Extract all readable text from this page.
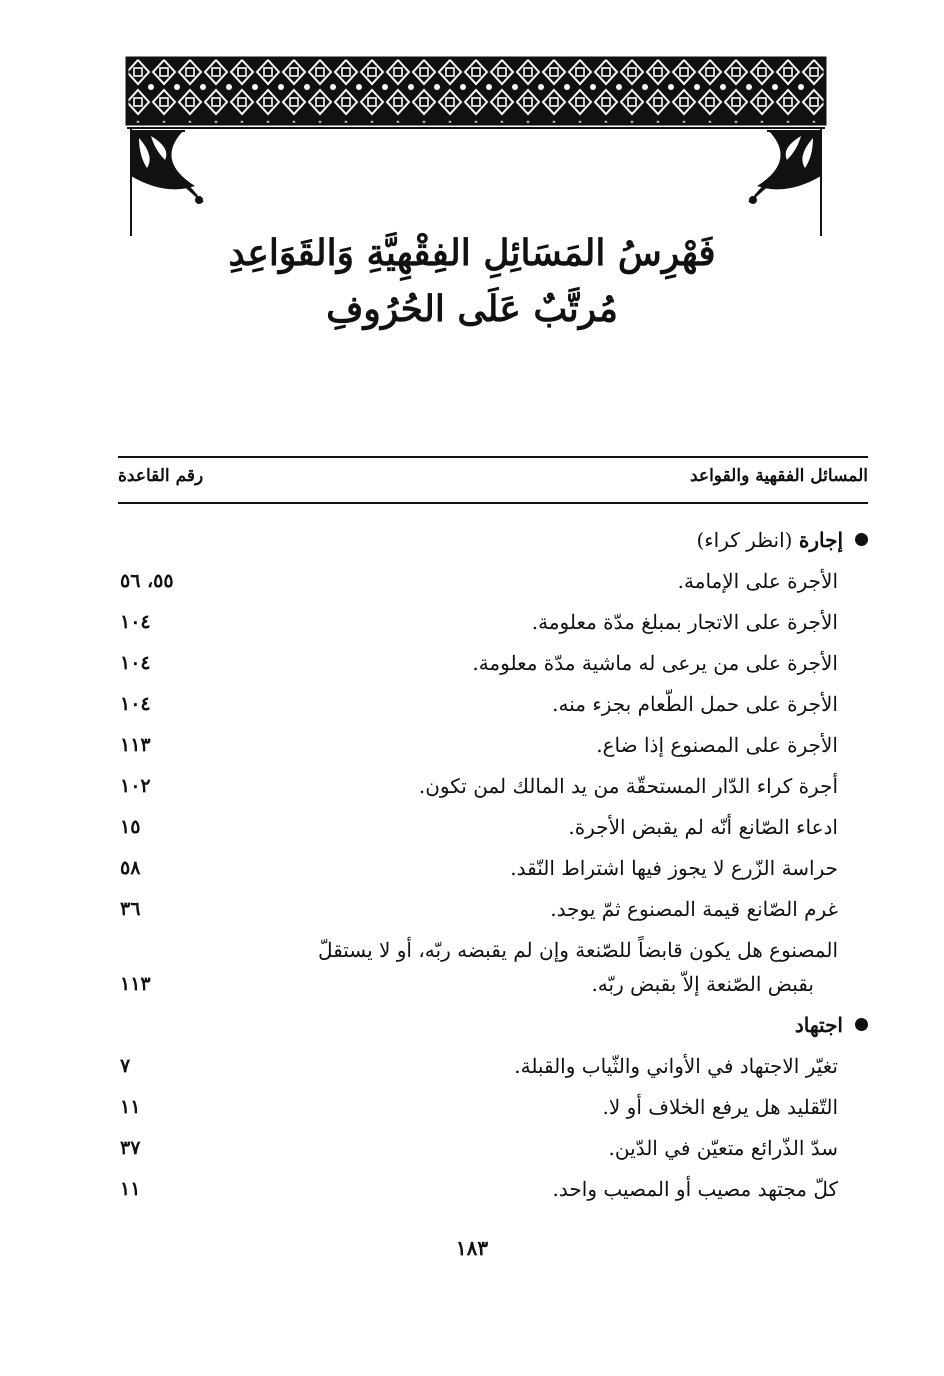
فَهْرِسُ المَسَائِلِ الفِقْهِيَّةِ وَالقَوَاعِدِ
مُرتَّبٌ عَلَى الحُرُوفِ
المسائل الفقهية والقواعد
رقم القاعدة
إجارة (انظر كراء)
الأجرة على الإمامة.
٥٥، ٥٦
الأجرة على الاتجار بمبلغ مدّة معلومة.
١٠٤
الأجرة على من يرعى له ماشية مدّة معلومة.
١٠٤
الأجرة على حمل الطّعام بجزء منه.
١٠٤
الأجرة على المصنوع إذا ضاع.
١١٣
أجرة كراء الدّار المستحقّة من يد المالك لمن تكون.
١٠٢
ادعاء الصّانع أنّه لم يقبض الأجرة.
١٥
حراسة الزّرع لا يجوز فيها اشتراط النّقد.
٥٨
غرم الصّانع قيمة المصنوع ثمّ يوجد.
٣٦
المصنوع هل يكون قابضاً للصّنعة وإن لم يقبضه ربّه، أو لا يستقلّ
بقبض الصّنعة إلاّ بقبض ربّه.
١١٣
اجتهاد
تغيّر الاجتهاد في الأواني والثّياب والقبلة.
٧
التّقليد هل يرفع الخلاف أو لا.
١١
سدّ الذّرائع متعيّن في الدّين.
٣٧
كلّ مجتهد مصيب أو المصيب واحد.
١١
١٨٣
